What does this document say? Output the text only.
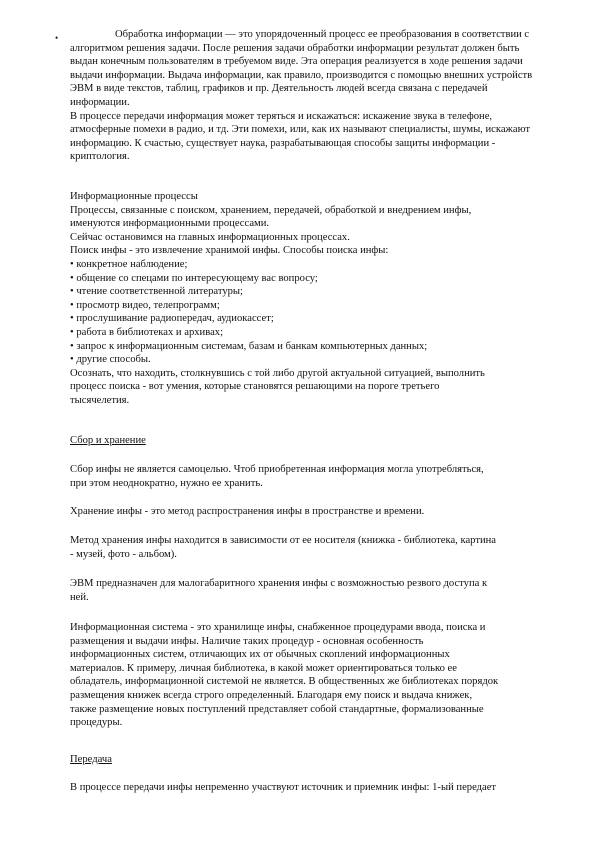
•	Обработка информации — это упорядоченный процесс ее преобразования в соответствии с алгоритмом решения задачи. После решения задачи обработки информации результат должен быть выдан конечным пользователям в требуемом виде. Эта операция реализуется в ходе решения задачи выдачи информации. Выдача информации, как правило, производится с помощью внешних устройств ЭВМ в виде текстов, таблиц, графиков и пр. Деятельность людей всегда связана с передачей информации.
В процессе передачи информация может теряться и искажаться: искажение звука в телефоне, атмосферные помехи в радио, и тд. Эти помехи, или, как их называют специалисты, шумы, искажают информацию. К счастью, существует наука, разрабатывающая способы защиты информации - криптология.
Информационные процессы
Процессы, связанные с поиском, хранением, передачей, обработкой и внедрением инфы,
именуются информационными процессами.
Сейчас остановимся на главных информационных процессах.
Поиск инфы - это извлечение хранимой инфы. Способы поиска инфы:
• конкретное наблюдение;
• общение со спецами по интересующему вас вопросу;
• чтение соответственной литературы;
• просмотр видео, телепрограмм;
• прослушивание радиопередач, аудиокассет;
• работа в библиотеках и архивах;
• запрос к информационным системам, базам и банкам компьютерных данных;
• другие способы.
Осознать, что находить, столкнувшись с той либо другой актуальной ситуацией, выполнить
процесс поиска - вот умения, которые становятся решающими на пороге третьего
тысячелетия.
Сбор и хранение
Сбор инфы не является самоцелью. Чтоб приобретенная информация могла употребляться,
при этом неоднократно, нужно ее хранить.
Хранение инфы - это метод распространения инфы в пространстве и времени.
Метод хранения инфы находится в зависимости от ее носителя (книжка - библиотека, картина
- музей, фото - альбом).
ЭВМ предназначен для малогабаритного хранения инфы с возможностью резвого доступа к
ней.
Информационная система - это хранилище инфы, снабженное процедурами ввода, поиска и
размещения и выдачи инфы. Наличие таких процедур - основная особенность
информационных систем, отличающих их от обычных скоплений информационных
материалов. К примеру, личная библиотека, в какой может ориентироваться только ее
обладатель, информационной системой не является. В общественных же библиотеках порядок
размещения книжек всегда строго определенный. Благодаря ему поиск и выдача книжек,
также размещение новых поступлений представляет собой стандартные, формализованные
процедуры.
Передача
В процессе передачи инфы непременно участвуют источник и приемник инфы: 1-ый передает
